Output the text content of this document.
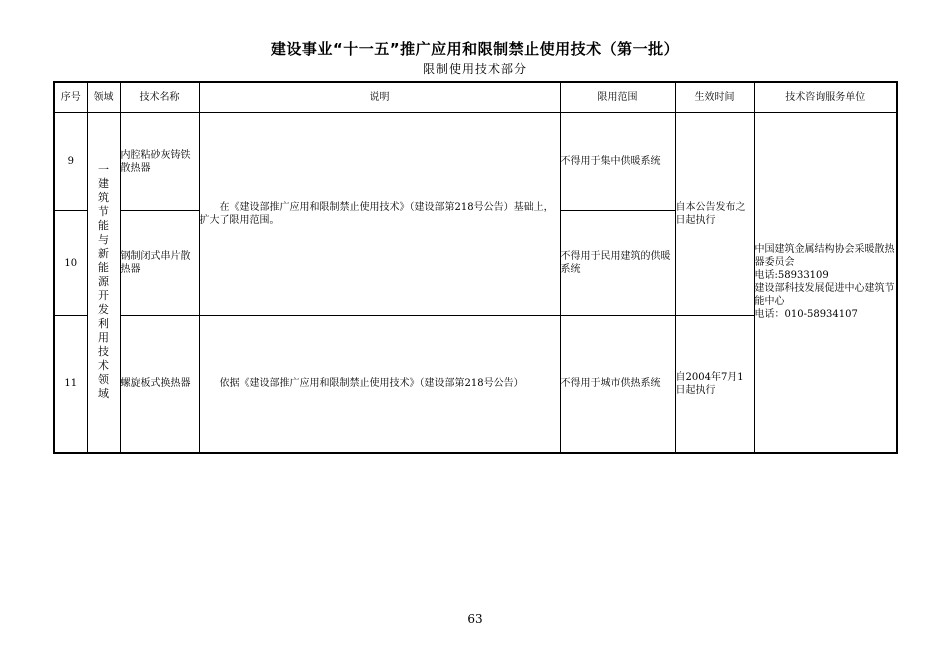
建设事业“十一五”推广应用和限制禁止使用技术（第一批）
限制使用技术部分
序号	领域	技术名称	说明	限用范围	生效时间	技术咨询服务单位
9	一建筑节能与新能源开发利用技术领域	内腔粘砂灰铸铁散热器	在《建设部推广应用和限制禁止使用技术》（建设部第218号公告）基础上，扩大了限用范围。	不得用于集中供暖系统	自本公告发布之日起执行	中国建筑金属结构协会采暖散热器委员会
电话:58933109
建设部科技发展促进中心建筑节能中心
电话：010-58934107

10		钢制闭式串片散热器		不得用于民用建筑的供暖系统		
11		螺旋板式换热器	依据《建设部推广应用和限制禁止使用技术》（建设部第218号公告）	不得用于城市供热系统	自2004年7月1日起执行	
63
